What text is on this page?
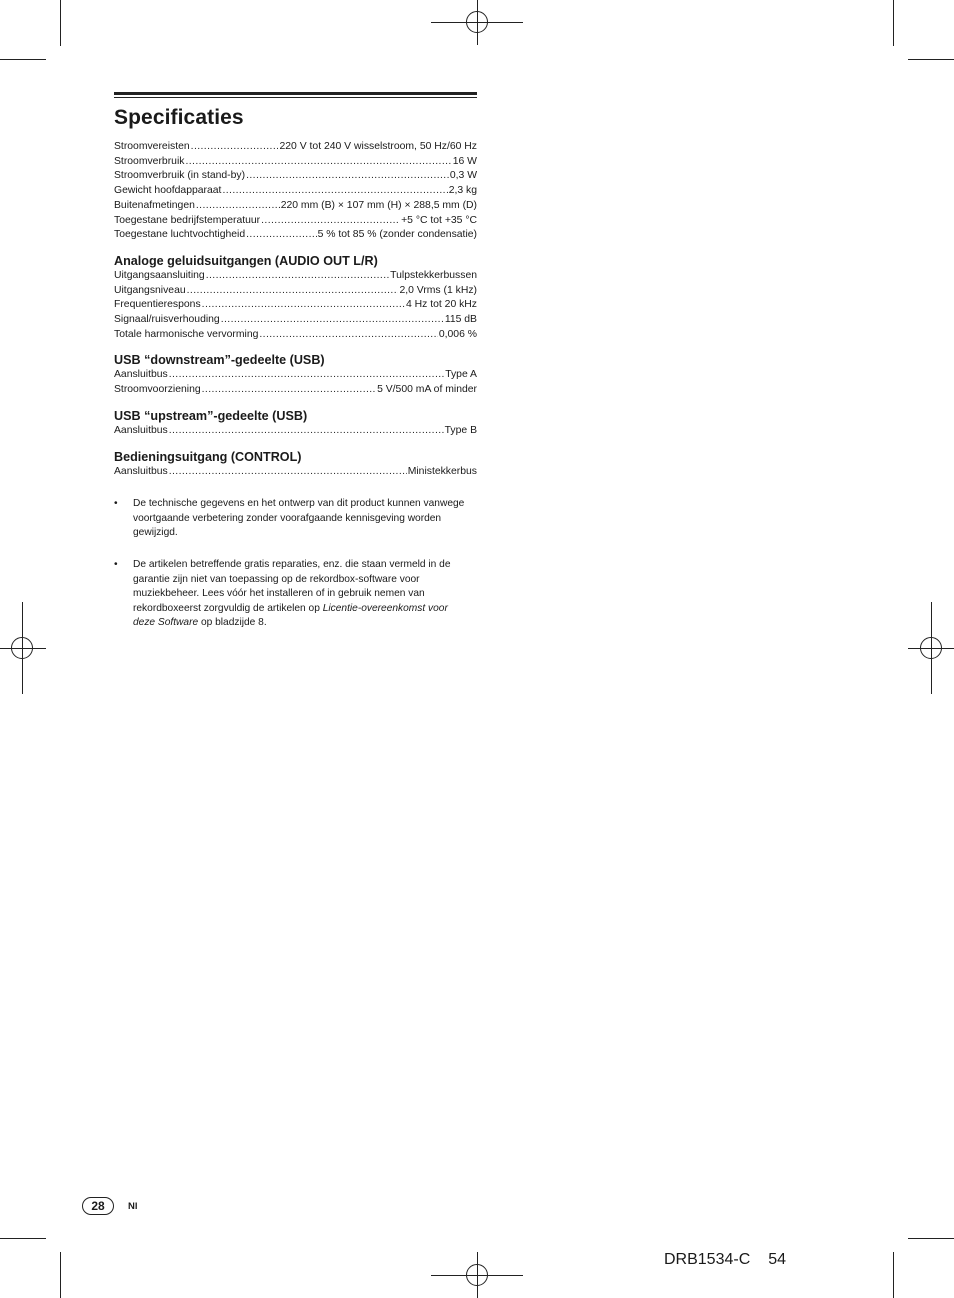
Specificaties
Stroomvereisten .....	220 V tot 240 V wisselstroom, 50 Hz/60 Hz
Stroomverbruik .....	16 W
Stroomverbruik (in stand-by) .....	0,3 W
Gewicht hoofdapparaat .....	2,3 kg
Buitenafmetingen .....	220 mm (B) × 107 mm (H) × 288,5 mm (D)
Toegestane bedrijfstemperatuur .....	+5 °C tot +35 °C
Toegestane luchtvochtigheid .....	5 % tot 85 % (zonder condensatie)
Analoge geluidsuitgangen (AUDIO OUT L/R)
Uitgangsaansluiting .....	Tulpstekkerbussen
Uitgangsniveau .....	2,0 Vrms (1 kHz)
Frequentierespons .....	4 Hz tot 20 kHz
Signaal/ruisverhouding .....	115 dB
Totale harmonische vervorming .....	0,006 %
USB “downstream”-gedeelte (USB)
Aansluitbus .....	Type A
Stroomvoorziening .....	5 V/500 mA of minder
USB “upstream”-gedeelte (USB)
Aansluitbus .....	Type B
Bedieningsuitgang (CONTROL)
Aansluitbus .....	Ministekkerbus
•	De technische gegevens en het ontwerp van dit product kunnen vanwege voortgaande verbetering zonder voorafgaande kennisgeving worden gewijzigd.
•	De artikelen betreffende gratis reparaties, enz. die staan vermeld in de garantie zijn niet van toepassing op de rekordbox-software voor muziekbeheer. Lees vóór het installeren of in gebruik nemen van rekordboxeerst zorgvuldig de artikelen op Licentie-overeenkomst voor deze Software op bladzijde 8.
28	Nl
DRB1534-C 54
